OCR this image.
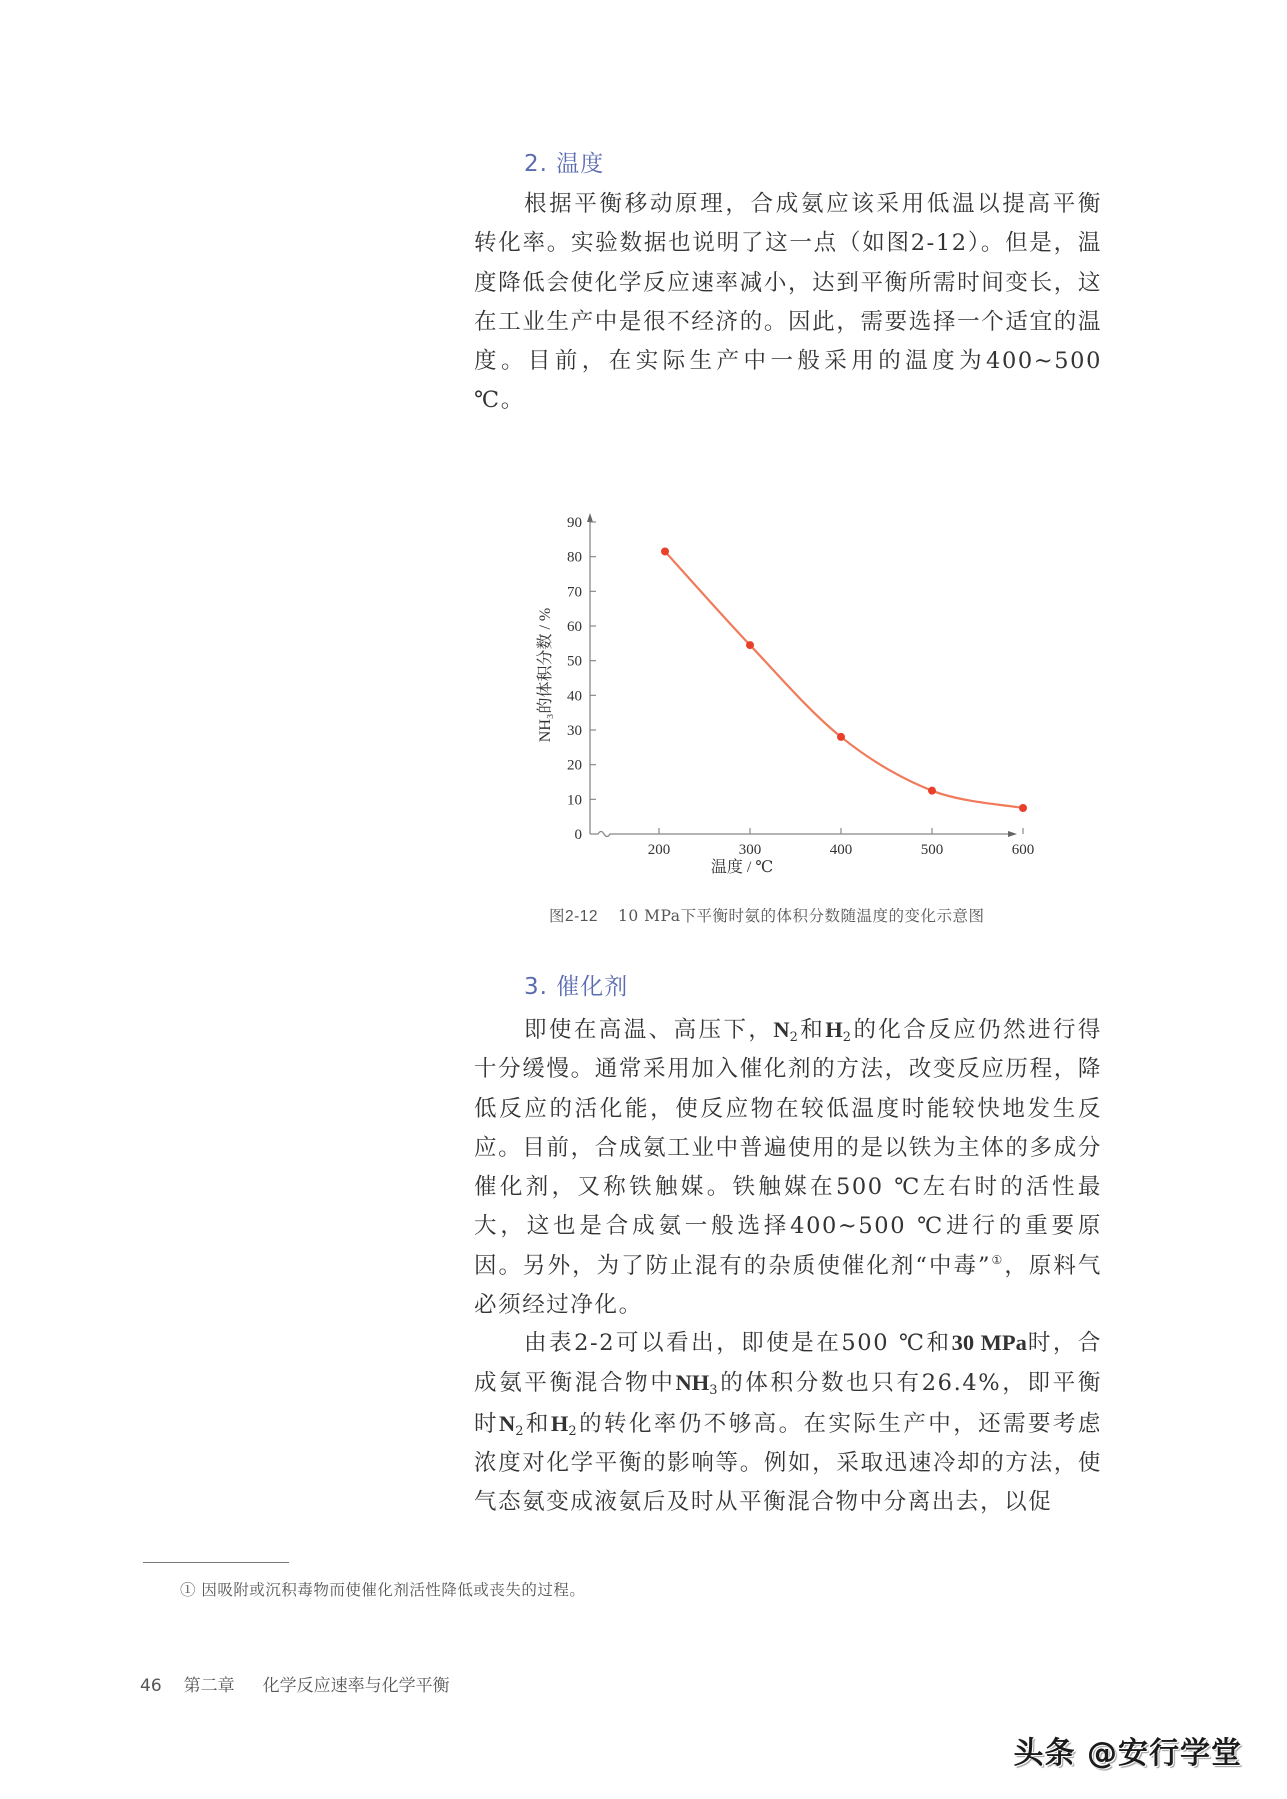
2. 温度

根据平衡移动原理，合成氨应该采用低温以提高平衡转化率。实验数据也说明了这一点（如图2-12）。但是，温度降低会使化学反应速率减小，达到平衡所需时间变长，这在工业生产中是很不经济的。因此，需要选择一个适宜的温度。目前，在实际生产中一般采用的温度为400~500 ℃。

0
10
20
30
40
50
60
70
80
90
200	300	400	500	600
NH₃的体积分数 / %
温度 / ℃
图2-12 10 MPa下平衡时氨的体积分数随温度的变化示意图
3. 催化剂

即使在高温、高压下，$N_2$和$H_2$的化合反应仍然进行得十分缓慢。通常采用加入催化剂的方法，改变反应历程，降低反应的活化能，使反应物在较低温度时能较快地发生反应。目前，合成氨工业中普遍使用的是以铁为主体的多成分催化剂，又称铁触媒。铁触媒在500 ℃左右时的活性最大，这也是合成氨一般选择400~500 ℃进行的重要原因。另外，为了防止混有的杂质使催化剂“中毒”①，原料气必须经过净化。

由表2-2可以看出，即使是在500 ℃和30 MPa时，合成氨平衡混合物中$NH_3$的体积分数也只有26.4%，即平衡时$N_2$和$H_2$的转化率仍不够高。在实际生产中，还需要考虑浓度对化学平衡的影响等。例如，采取迅速冷却的方法，使气态氨变成液氨后及时从平衡混合物中分离出去，以促

① 因吸附或沉积毒物而使催化剂活性降低或丧失的过程。
46 第二章 化学反应速率与化学平衡
头条 @安行学堂
